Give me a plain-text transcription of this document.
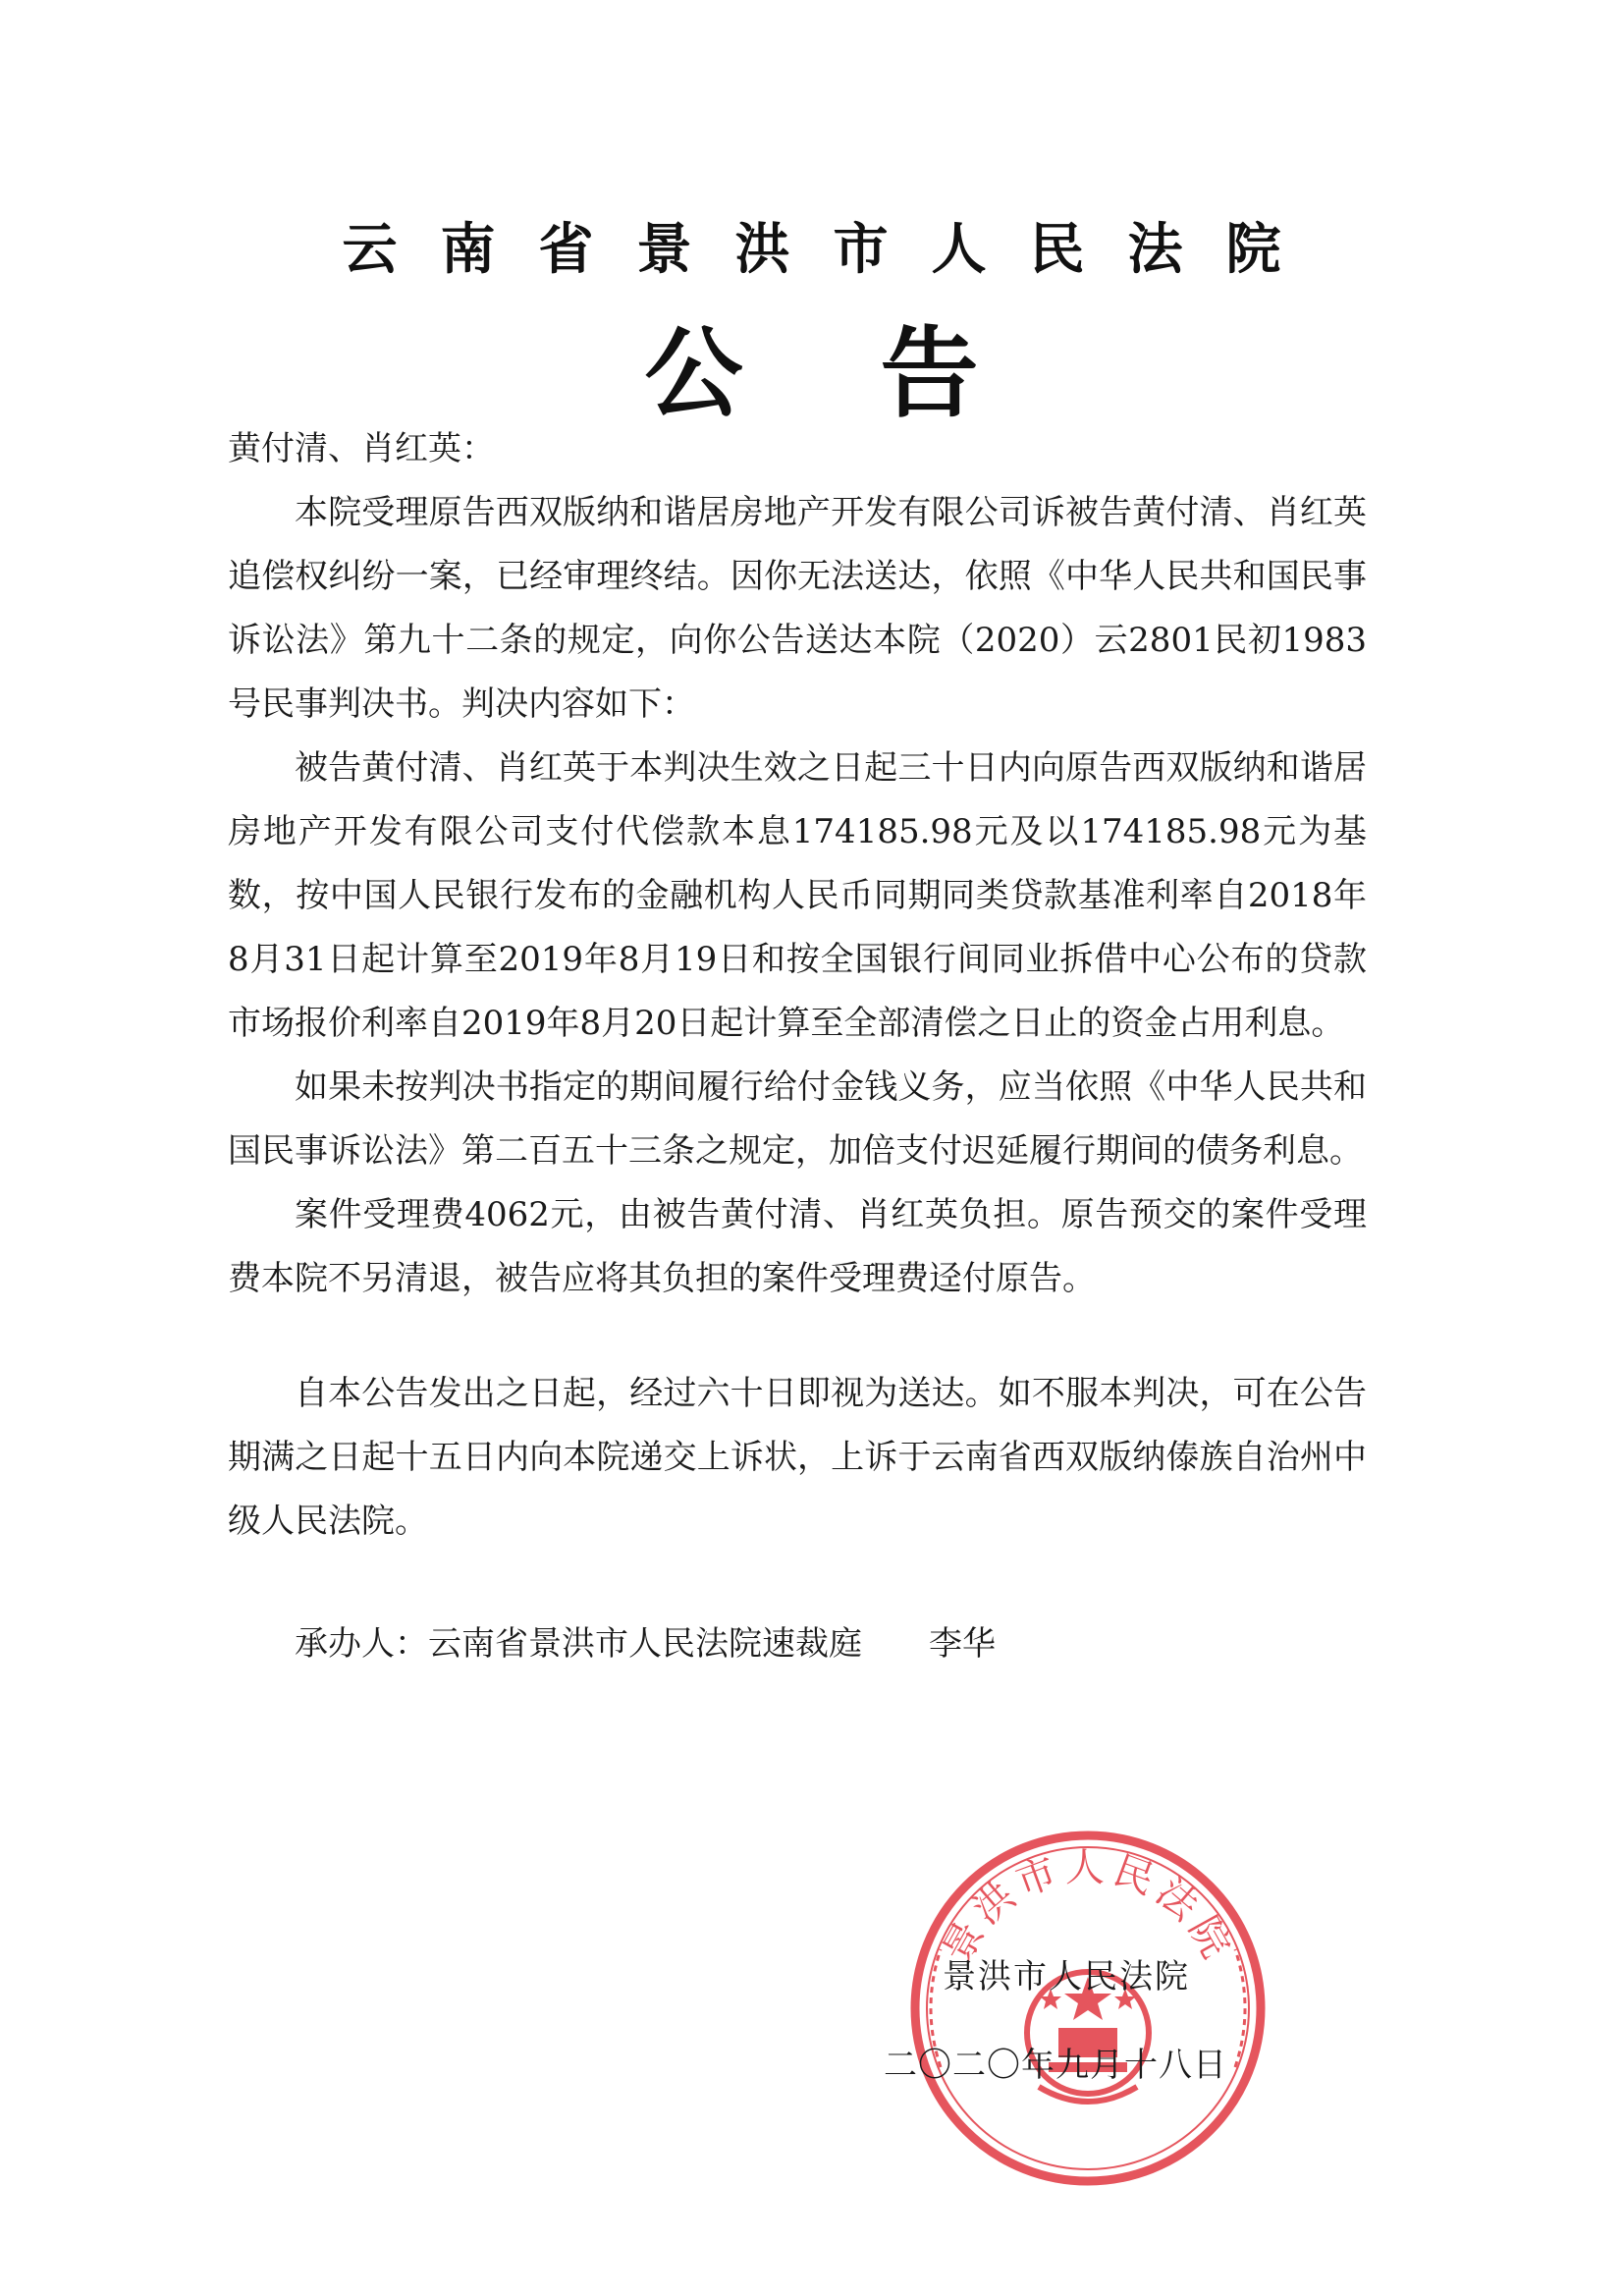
云南省景洪市人民法院
公告

黄付清、肖红英：

本院受理原告西双版纳和谐居房地产开发有限公司诉被告黄付清、肖红英追偿权纠纷一案，已经审理终结。因你无法送达，依照《中华人民共和国民事诉讼法》第九十二条的规定，向你公告送达本院（2020）云2801民初1983号民事判决书。判决内容如下：

被告黄付清、肖红英于本判决生效之日起三十日内向原告西双版纳和谐居房地产开发有限公司支付代偿款本息174185.98元及以174185.98元为基数，按中国人民银行发布的金融机构人民币同期同类贷款基准利率自2018年8月31日起计算至2019年8月19日和按全国银行间同业拆借中心公布的贷款市场报价利率自2019年8月20日起计算至全部清偿之日止的资金占用利息。

如果未按判决书指定的期间履行给付金钱义务，应当依照《中华人民共和国民事诉讼法》第二百五十三条之规定，加倍支付迟延履行期间的债务利息。

案件受理费4062元，由被告黄付清、肖红英负担。原告预交的案件受理费本院不另清退，被告应将其负担的案件受理费迳付原告。

自本公告发出之日起，经过六十日即视为送达。如不服本判决，可在公告期满之日起十五日内向本院递交上诉状，上诉于云南省西双版纳傣族自治州中级人民法院。

承办人：云南省景洪市人民法院速裁庭　　李华

景洪市人民法院
景洪市人民法院
二〇二〇年九月十八日
